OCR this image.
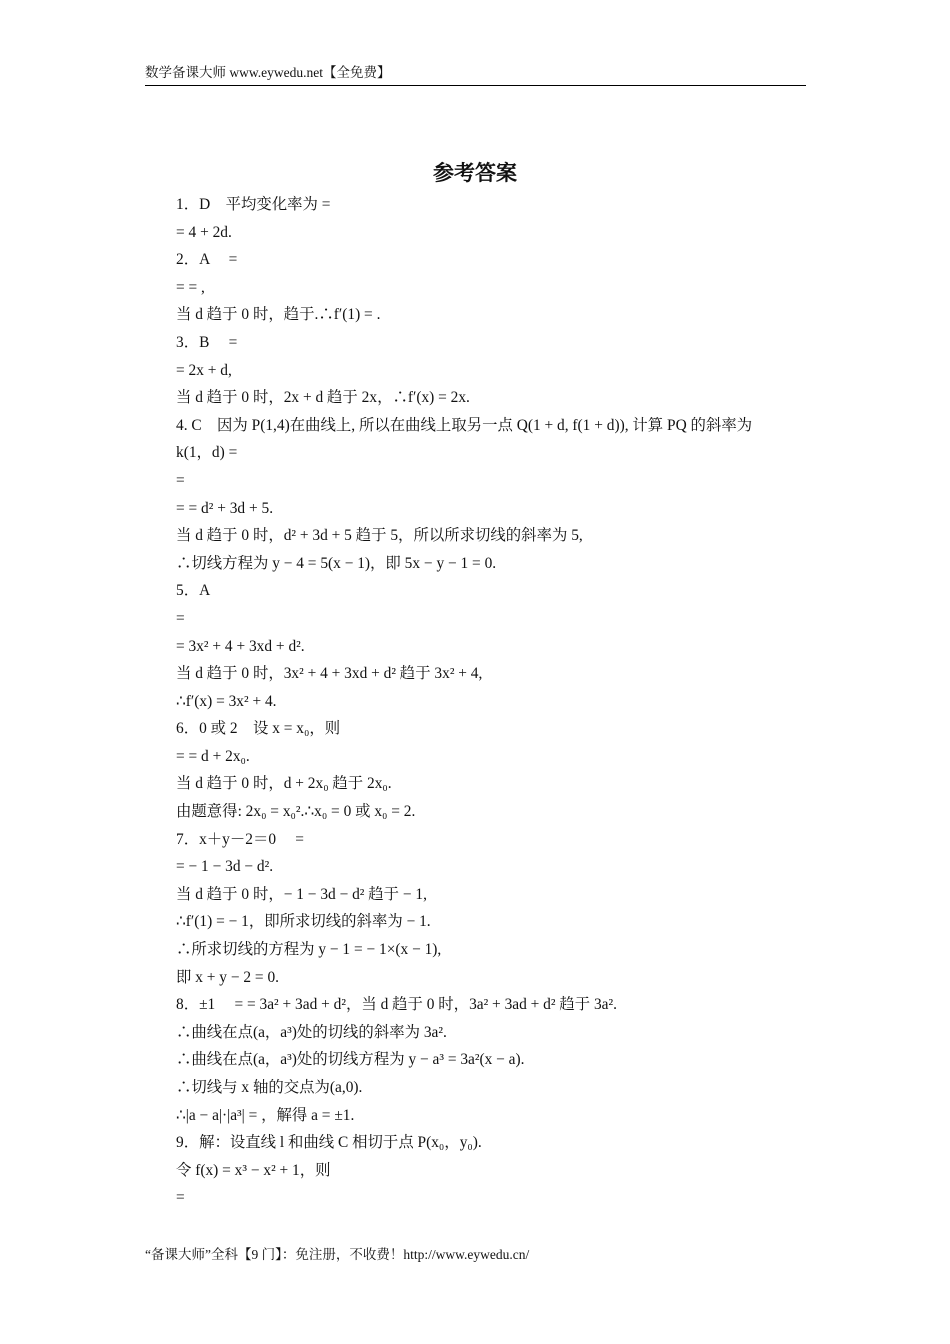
数学备课大师 www.eywedu.net【全免费】
参考答案
1．D　平均变化率为 =
= 4 + 2d.
2．A　 =
= = ,
当 d 趋于 0 时，趋于.∴f′(1) = .
3．B　 =
= 2x + d,
当 d 趋于 0 时，2x + d 趋于 2x，∴f′(x) = 2x.
4. C　因为 P(1,4)在曲线上, 所以在曲线上取另一点 Q(1 + d, f(1 + d)), 计算 PQ 的斜率为
k(1，d) =
=
= = d² + 3d + 5.
当 d 趋于 0 时，d² + 3d + 5 趋于 5，所以所求切线的斜率为 5,
∴切线方程为 y − 4 = 5(x − 1)，即 5x − y − 1 = 0.
5．A
=
= 3x² + 4 + 3xd + d².
当 d 趋于 0 时，3x² + 4 + 3xd + d² 趋于 3x² + 4,
∴f′(x) = 3x² + 4.
6．0 或 2　设 x = x₀，则
= = d + 2x₀.
当 d 趋于 0 时，d + 2x₀ 趋于 2x₀.
由题意得: 2x₀ = x₀².∴x₀ = 0 或 x₀ = 2.
7．x＋y－2＝0　 =
= − 1 − 3d − d².
当 d 趋于 0 时，− 1 − 3d − d² 趋于 − 1,
∴f′(1) = − 1，即所求切线的斜率为 − 1.
∴所求切线的方程为 y − 1 = − 1×(x − 1),
即 x + y − 2 = 0.
8．±1　 = = 3a² + 3ad + d²，当 d 趋于 0 时，3a² + 3ad + d² 趋于 3a².
∴曲线在点(a，a³)处的切线的斜率为 3a².
∴曲线在点(a，a³)处的切线方程为 y − a³ = 3a²(x − a).
∴切线与 x 轴的交点为(a,0).
∴|a − a|·|a³| = ，解得 a = ±1.
9．解：设直线 l 和曲线 C 相切于点 P(x₀，y₀).
令 f(x) = x³ − x² + 1，则
=
“备课大师”全科【9 门】：免注册，不收费！http://www.eywedu.cn/
